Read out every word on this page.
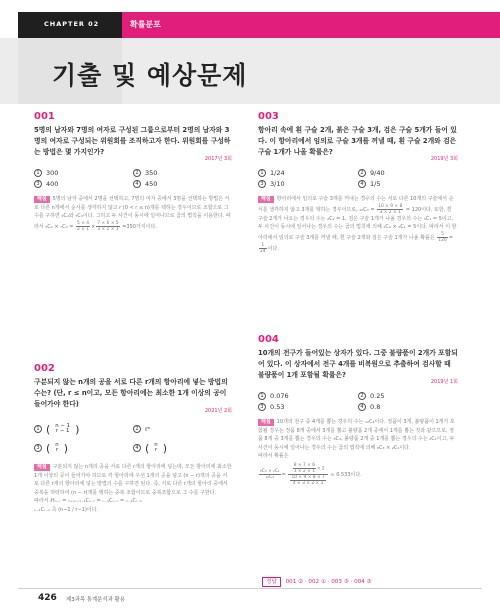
CHAPTER 02	확률분포
기출 및 예상문제
001
5명의 남자와 7명의 여자로 구성된 그룹으로부터 2명의 남자와 3명의 여자로 구성되는 위원회를 조직하고자 한다. 위원회를 구성하는 방법은 몇 가지인가?
2017년 3회
1 300	2 350
3 400	4 450
해설 5명의 남자 중에서 2명을 선택하고, 7명의 여자 중에서 3명을 선택하는 방법은 서로 다른 n개에서 순서를 생각하지 않고 r (0 < r ≤ n)개를 택하는 경우이므로 조합으로 그 수를 구하면 ₅C₂와 ₇C₃이다. 그리고 두 사건이 동시에 일어나므로 곱의 법칙을 이용한다. 따라서 $_5C_2 \times _7C_3 = \frac{5 \times 4}{2 \times 1} \times \frac{7 \times 6 \times 5}{3 \times 2 \times 1} =350$가지이다.
002
구분되지 않는 n개의 공을 서로 다른 r개의 항아리에 넣는 방법의 수는? (단, r ≤ n이고, 모든 항아리에는 최소한 1개 이상의 공이 들어가야 한다)
2021년 2회
1 ( n − 1
r − 1 )	2 rⁿ
3 ( n
r )	4 ( n
r )
해설 구분되지 않는 n개의 공을 서로 다른 r개의 항아리에 넣는데, 모든 항아리에 최소한 1개 이상의 공이 들어가야 하므로 각 항아리에 우선 1개의 공을 넣고 (n − r)개의 공을 서로 다른 r개의 항아리에 넣는 방법의 수를 구하면 된다. 즉, 서로 다른 r개의 항아리 중에서 중복을 허락하여 (n − r)개를 택하는 중복 조합이므로 중복조합으로 그 수를 구한다.
따라서 ₗHₙ₋ᵣ = ₙ₊₍ₙ₋ᵣ₎₋₁Cₙ₋ᵣ = ₙ₋₁Cₙ₋ᵣ = ₙ₋₁Cᵣ₋₁
ₙ₋₁Cᵣ₋₁ 즉 (n−1 / r−1)이다.
003
항아리 속에 흰 구슬 2개, 붉은 구슬 3개, 검은 구슬 5개가 들어 있다. 이 항아리에서 임의로 구슬 3개를 꺼낼 때, 흰 구슬 2개와 검은 구슬 1개가 나올 확률은?
2019년 3회
1 1/24	2 9/40
3 3/10	4 1/5
해설 항아리에서 임의로 구슬 3개를 꺼내는 경우의 수는 서로 다른 10개의 구슬에서 순서를 생각하지 않고 3개를 택하는 경우이므로, $_{10}C_3 = \frac{10 \times 9 \times 8}{3 \times 2 \times 1} = 120$이다. 또한, 흰 구슬 2개가 나오는 경우의 수는 ₂C₂ = 1, 검은 구슬 1개가 나올 경우의 수는 ₅C₁ = 5이고, 두 사건이 동시에 일어나는 경우의 수는 곱의 법칙에 의해 ₂C₂ × ₅C₁ = 5이다. 따라서 이 항아리에서 임의로 구슬 3개를 꺼낼 때, 흰 구슬 2개와 검은 구슬 1개가 나올 확률은 $\frac{5}{120}$ =
$\frac{1}{24}$ 이다.
004
10개의 전구가 들어있는 상자가 있다. 그중 불량품이 2개가 포함되어 있다. 이 상자에서 전구 4개를 비복원으로 추출하여 검사할 때 불량품이 1개 포함될 확률은?
2019년 1회
1 0.076	2 0.25
3 0.53	4 0.8
해설 10개의 전구 중 4개를 뽑는 경우의 수는 ₁₀C₄이다. 정품이 3개, 불량품이 1개가 포함될 경우는 정품 8개 중에서 3개를 뽑고 불량품 2개 중에서 1개를 뽑는 것과 같으므로, 정품 8개 중 3개를 뽑는 경우의 수는 ₈C₃, 불량품 2개 중 1개를 뽑는 경우의 수는 ₂C₁이고, 두 사건이 동시에 일어나는 경우의 수는 곱의 법칙에 의해 ₈C₃ × ₂C₁이다.
따라서 확률은
$\frac{\text{₈C₃ × ₂C₁}}{\text{₁₀C₄}} = \frac{\frac{8 \times 7 \times 6}{3 \times 2 \times 1} \times 2}{\frac{10 \times 9 \times 8 \times 7}{4 \times 3 \times 2 \times 1}} \approx 0.533$이다.
정답 001 ② · 002 ① · 003 ③ · 004 ③
426 제3과목 통계분석과 활용
